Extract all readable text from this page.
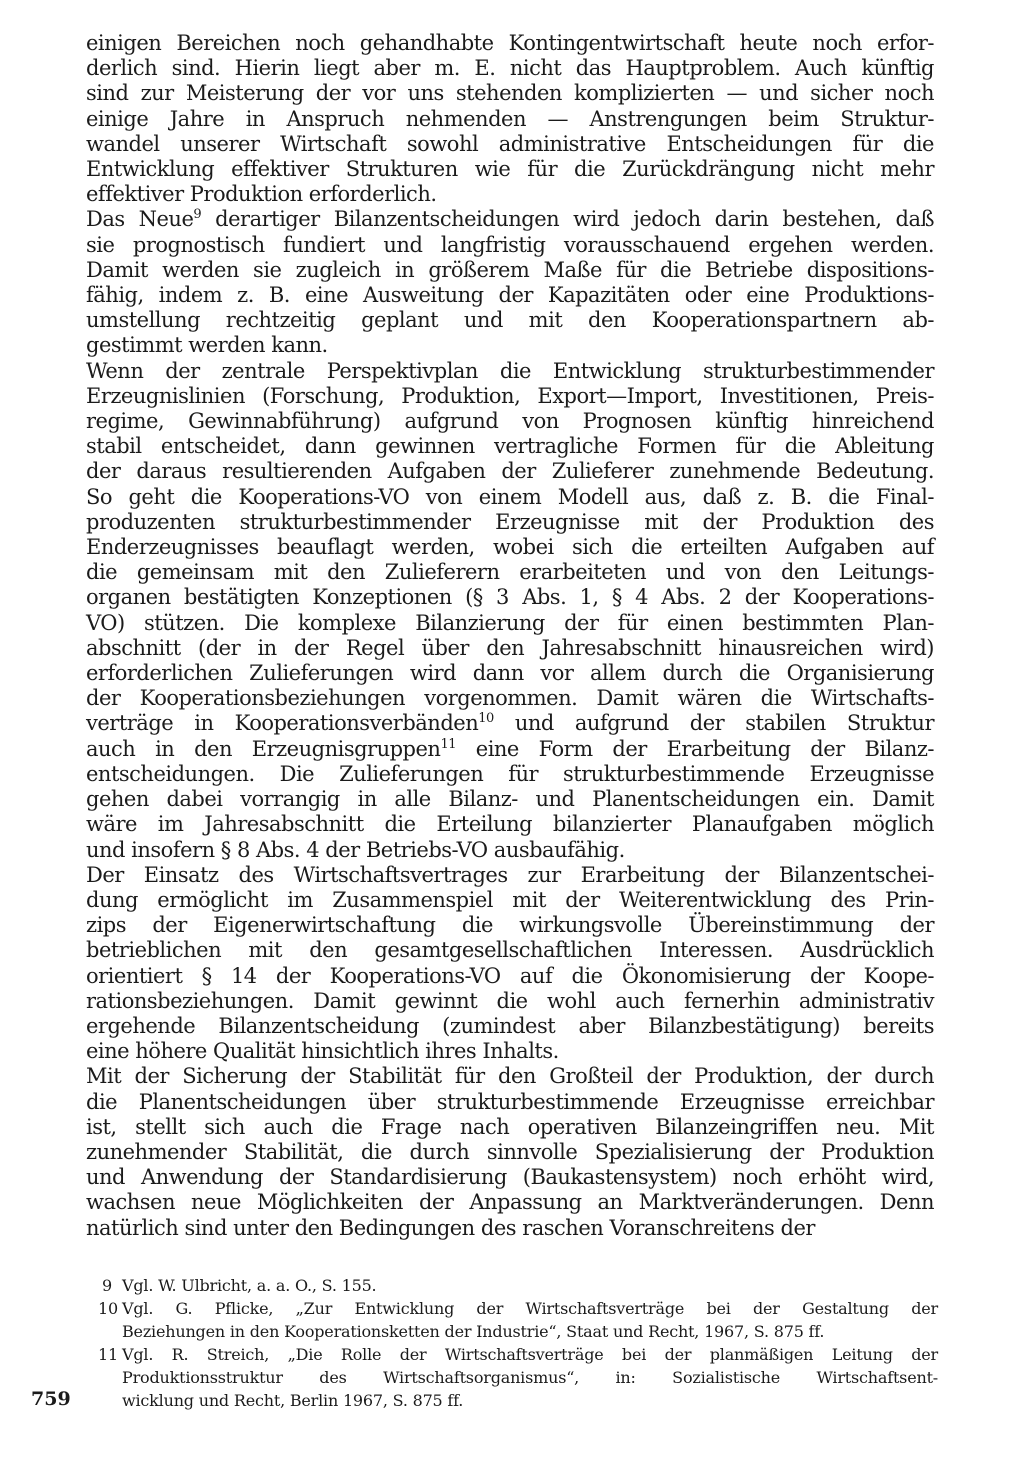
einigen Bereichen noch gehandhabte Kontingentwirtschaft heute noch erfor-
derlich sind. Hierin liegt aber m. E. nicht das Hauptproblem. Auch künftig
sind zur Meisterung der vor uns stehenden komplizierten — und sicher noch
einige Jahre in Anspruch nehmenden — Anstrengungen beim Struktur-
wandel unserer Wirtschaft sowohl administrative Entscheidungen für die
Entwicklung effektiver Strukturen wie für die Zurückdrängung nicht mehr
effektiver Produktion erforderlich.

Das Neue$^9$ derartiger Bilanzentscheidungen wird jedoch darin bestehen, daß
sie prognostisch fundiert und langfristig vorausschauend ergehen werden.
Damit werden sie zugleich in größerem Maße für die Betriebe dispositions-
fähig, indem z. B. eine Ausweitung der Kapazitäten oder eine Produktions-
umstellung rechtzeitig geplant und mit den Kooperationspartnern ab-
gestimmt werden kann.

Wenn der zentrale Perspektivplan die Entwicklung strukturbestimmender
Erzeugnislinien (Forschung, Produktion, Export—Import, Investitionen, Preis-
regime, Gewinnabführung) aufgrund von Prognosen künftig hinreichend
stabil entscheidet, dann gewinnen vertragliche Formen für die Ableitung
der daraus resultierenden Aufgaben der Zulieferer zunehmende Bedeutung.
So geht die Kooperations-VO von einem Modell aus, daß z. B. die Final-
produzenten strukturbestimmender Erzeugnisse mit der Produktion des
Enderzeugnisses beauflagt werden, wobei sich die erteilten Aufgaben auf
die gemeinsam mit den Zulieferern erarbeiteten und von den Leitungs-
organen bestätigten Konzeptionen (§ 3 Abs. 1, § 4 Abs. 2 der Kooperations-
VO) stützen. Die komplexe Bilanzierung der für einen bestimmten Plan-
abschnitt (der in der Regel über den Jahresabschnitt hinausreichen wird)
erforderlichen Zulieferungen wird dann vor allem durch die Organisierung
der Kooperationsbeziehungen vorgenommen. Damit wären die Wirtschafts-
verträge in Kooperationsverbänden$^{10}$ und aufgrund der stabilen Struktur
auch in den Erzeugnisgruppen$^{11}$ eine Form der Erarbeitung der Bilanz-
entscheidungen. Die Zulieferungen für strukturbestimmende Erzeugnisse
gehen dabei vorrangig in alle Bilanz- und Planentscheidungen ein. Damit
wäre im Jahresabschnitt die Erteilung bilanzierter Planaufgaben möglich
und insofern § 8 Abs. 4 der Betriebs-VO ausbaufähig.

Der Einsatz des Wirtschaftsvertrages zur Erarbeitung der Bilanzentschei-
dung ermöglicht im Zusammenspiel mit der Weiterentwicklung des Prin-
zips der Eigenerwirtschaftung die wirkungsvolle Übereinstimmung der
betrieblichen mit den gesamtgesellschaftlichen Interessen. Ausdrücklich
orientiert § 14 der Kooperations-VO auf die Ökonomisierung der Koope-
rationsbeziehungen. Damit gewinnt die wohl auch fernerhin administrativ
ergehende Bilanzentscheidung (zumindest aber Bilanzbestätigung) bereits
eine höhere Qualität hinsichtlich ihres Inhalts.

Mit der Sicherung der Stabilität für den Großteil der Produktion, der durch
die Planentscheidungen über strukturbestimmende Erzeugnisse erreichbar
ist, stellt sich auch die Frage nach operativen Bilanzeingriffen neu. Mit
zunehmender Stabilität, die durch sinnvolle Spezialisierung der Produktion
und Anwendung der Standardisierung (Baukastensystem) noch erhöht wird,
wachsen neue Möglichkeiten der Anpassung an Marktveränderungen. Denn
natürlich sind unter den Bedingungen des raschen Voranschreitens der

9 Vgl. W. Ulbricht, a. a. O., S. 155.
10 Vgl. G. Pflicke, „Zur Entwicklung der Wirtschaftsverträge bei der Gestaltung der
Beziehungen in den Kooperationsketten der Industrie“, Staat und Recht, 1967, S. 875 ff.
11 Vgl. R. Streich, „Die Rolle der Wirtschaftsverträge bei der planmäßigen Leitung der
Produktionsstruktur des Wirtschaftsorganismus“, in: Sozialistische Wirtschaftsent-
wicklung und Recht, Berlin 1967, S. 875 ff.
759
